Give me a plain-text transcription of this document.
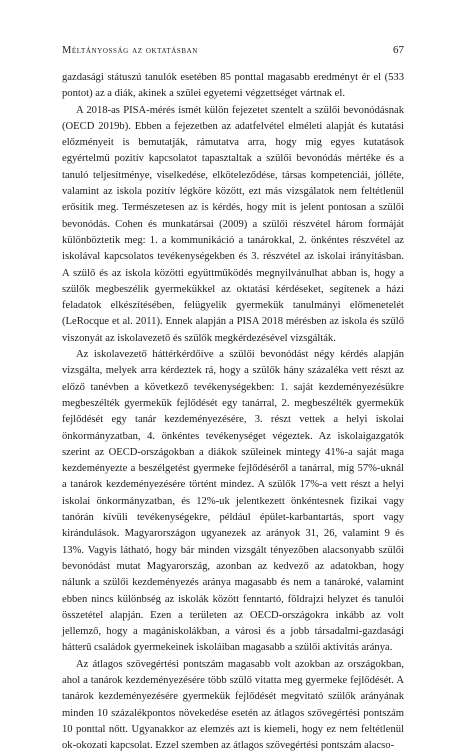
Méltányosság az oktatásban	67

gazdasági státuszú tanulók esetében 85 ponttal magasabb eredményt ér el (533 pontot) az a diák, akinek a szülei egyetemi végzettséget vártnak el.

A 2018-as PISA-mérés ismét külön fejezetet szentelt a szülői bevonódásnak (OECD 2019b). Ebben a fejezetben az adatfelvétel elméleti alapját és kutatási előzményeit is bemutatják, rámutatva arra, hogy mig egyes kutatások egyértelmű pozitív kapcsolatot tapasztaltak a szülői bevonódás mértéke és a tanuló teljesítménye, viselkedése, elköteleződése, társas kompetenciái, jólléte, valamint az iskola pozitív légköre között, ezt más vizsgálatok nem feltétlenül erősítik meg. Természetesen az is kérdés, hogy mit is jelent pontosan a szülői bevonódás. Cohen és munkatársai (2009) a szülői részvétel három formáját különböztetik meg: 1. a kommunikáció a tanárokkal, 2. önkéntes részvétel az iskolával kapcsolatos tevékenységekben és 3. részvétel az iskolai irányításban. A szülő és az iskola közötti együttműködés megnyilvánulhat abban is, hogy a szülők megbeszélik gyermekükkel az oktatási kérdéseket, segítenek a házi feladatok elkészítésében, felügyelik gyermekük tanulmányi előmenetelét (LeRocque et al. 2011). Ennek alapján a PISA 2018 mérésben az iskola és szülő viszonyát az iskolavezető és szülők megkérdezésével vizsgálták.

Az iskolavezető háttérkérdőíve a szülői bevonódást négy kérdés alapján vizsgálta, melyek arra kérdeztek rá, hogy a szülők hány százaléka vett részt az előző tanévben a következő tevékenységekben: 1. saját kezdeményezésükre megbeszélték gyermekük fejlődését egy tanárral, 2. megbeszélték gyermekük fejlődését egy tanár kezdeményezésére, 3. részt vettek a helyi iskolai önkormányzatban, 4. önkéntes tevékenységet végeztek. Az iskolaigazgatók szerint az OECD-országokban a diákok szüleinek mintegy 41%-a saját maga kezdeményezte a beszélgetést gyermeke fejlődéséről a tanárral, míg 57%-uknál a tanárok kezdeményezésére történt mindez. A szülők 17%-a vett részt a helyi iskolai önkormányzatban, és 12%-uk jelentkezett önkéntesnek fizikai vagy tanórán kívüli tevékenységekre, például épület-karbantartás, sport vagy kirándulások. Magyarországon ugyanezek az arányok 31, 26, valamint 9 és 13%. Vagyis látható, hogy bár minden vizsgált tényezőben alacsonyabb szülői bevonódást mutat Magyarország, azonban az kedvező az adatokban, hogy nálunk a szülői kezdeményezés aránya magasabb és nem a tanároké, valamint ebben nincs különbség az iskolák között fenntartó, földrajzi helyzet és tanulói összetétel alapján. Ezen a területen az OECD-országokra inkább az volt jellemző, hogy a magániskolákban, a városi és a jobb társadalmi-gazdasági hátterű családok gyermekeinek iskoláiban magasabb a szülői aktivitás aránya.

Az átlagos szövegértési pontszám magasabb volt azokban az országokban, ahol a tanárok kezdeményezésére több szülő vitatta meg gyermeke fejlődését. A tanárok kezdeményezésére gyermekük fejlődését megvitató szülők arányának minden 10 százalékpontos növekedése esetén az átlagos szövegértési pontszám 10 ponttal nőtt. Ugyanakkor az elemzés azt is kiemeli, hogy ez nem feltétlenül ok-okozati kapcsolat. Ezzel szemben az átlagos szövegértési pontszám alacso-
